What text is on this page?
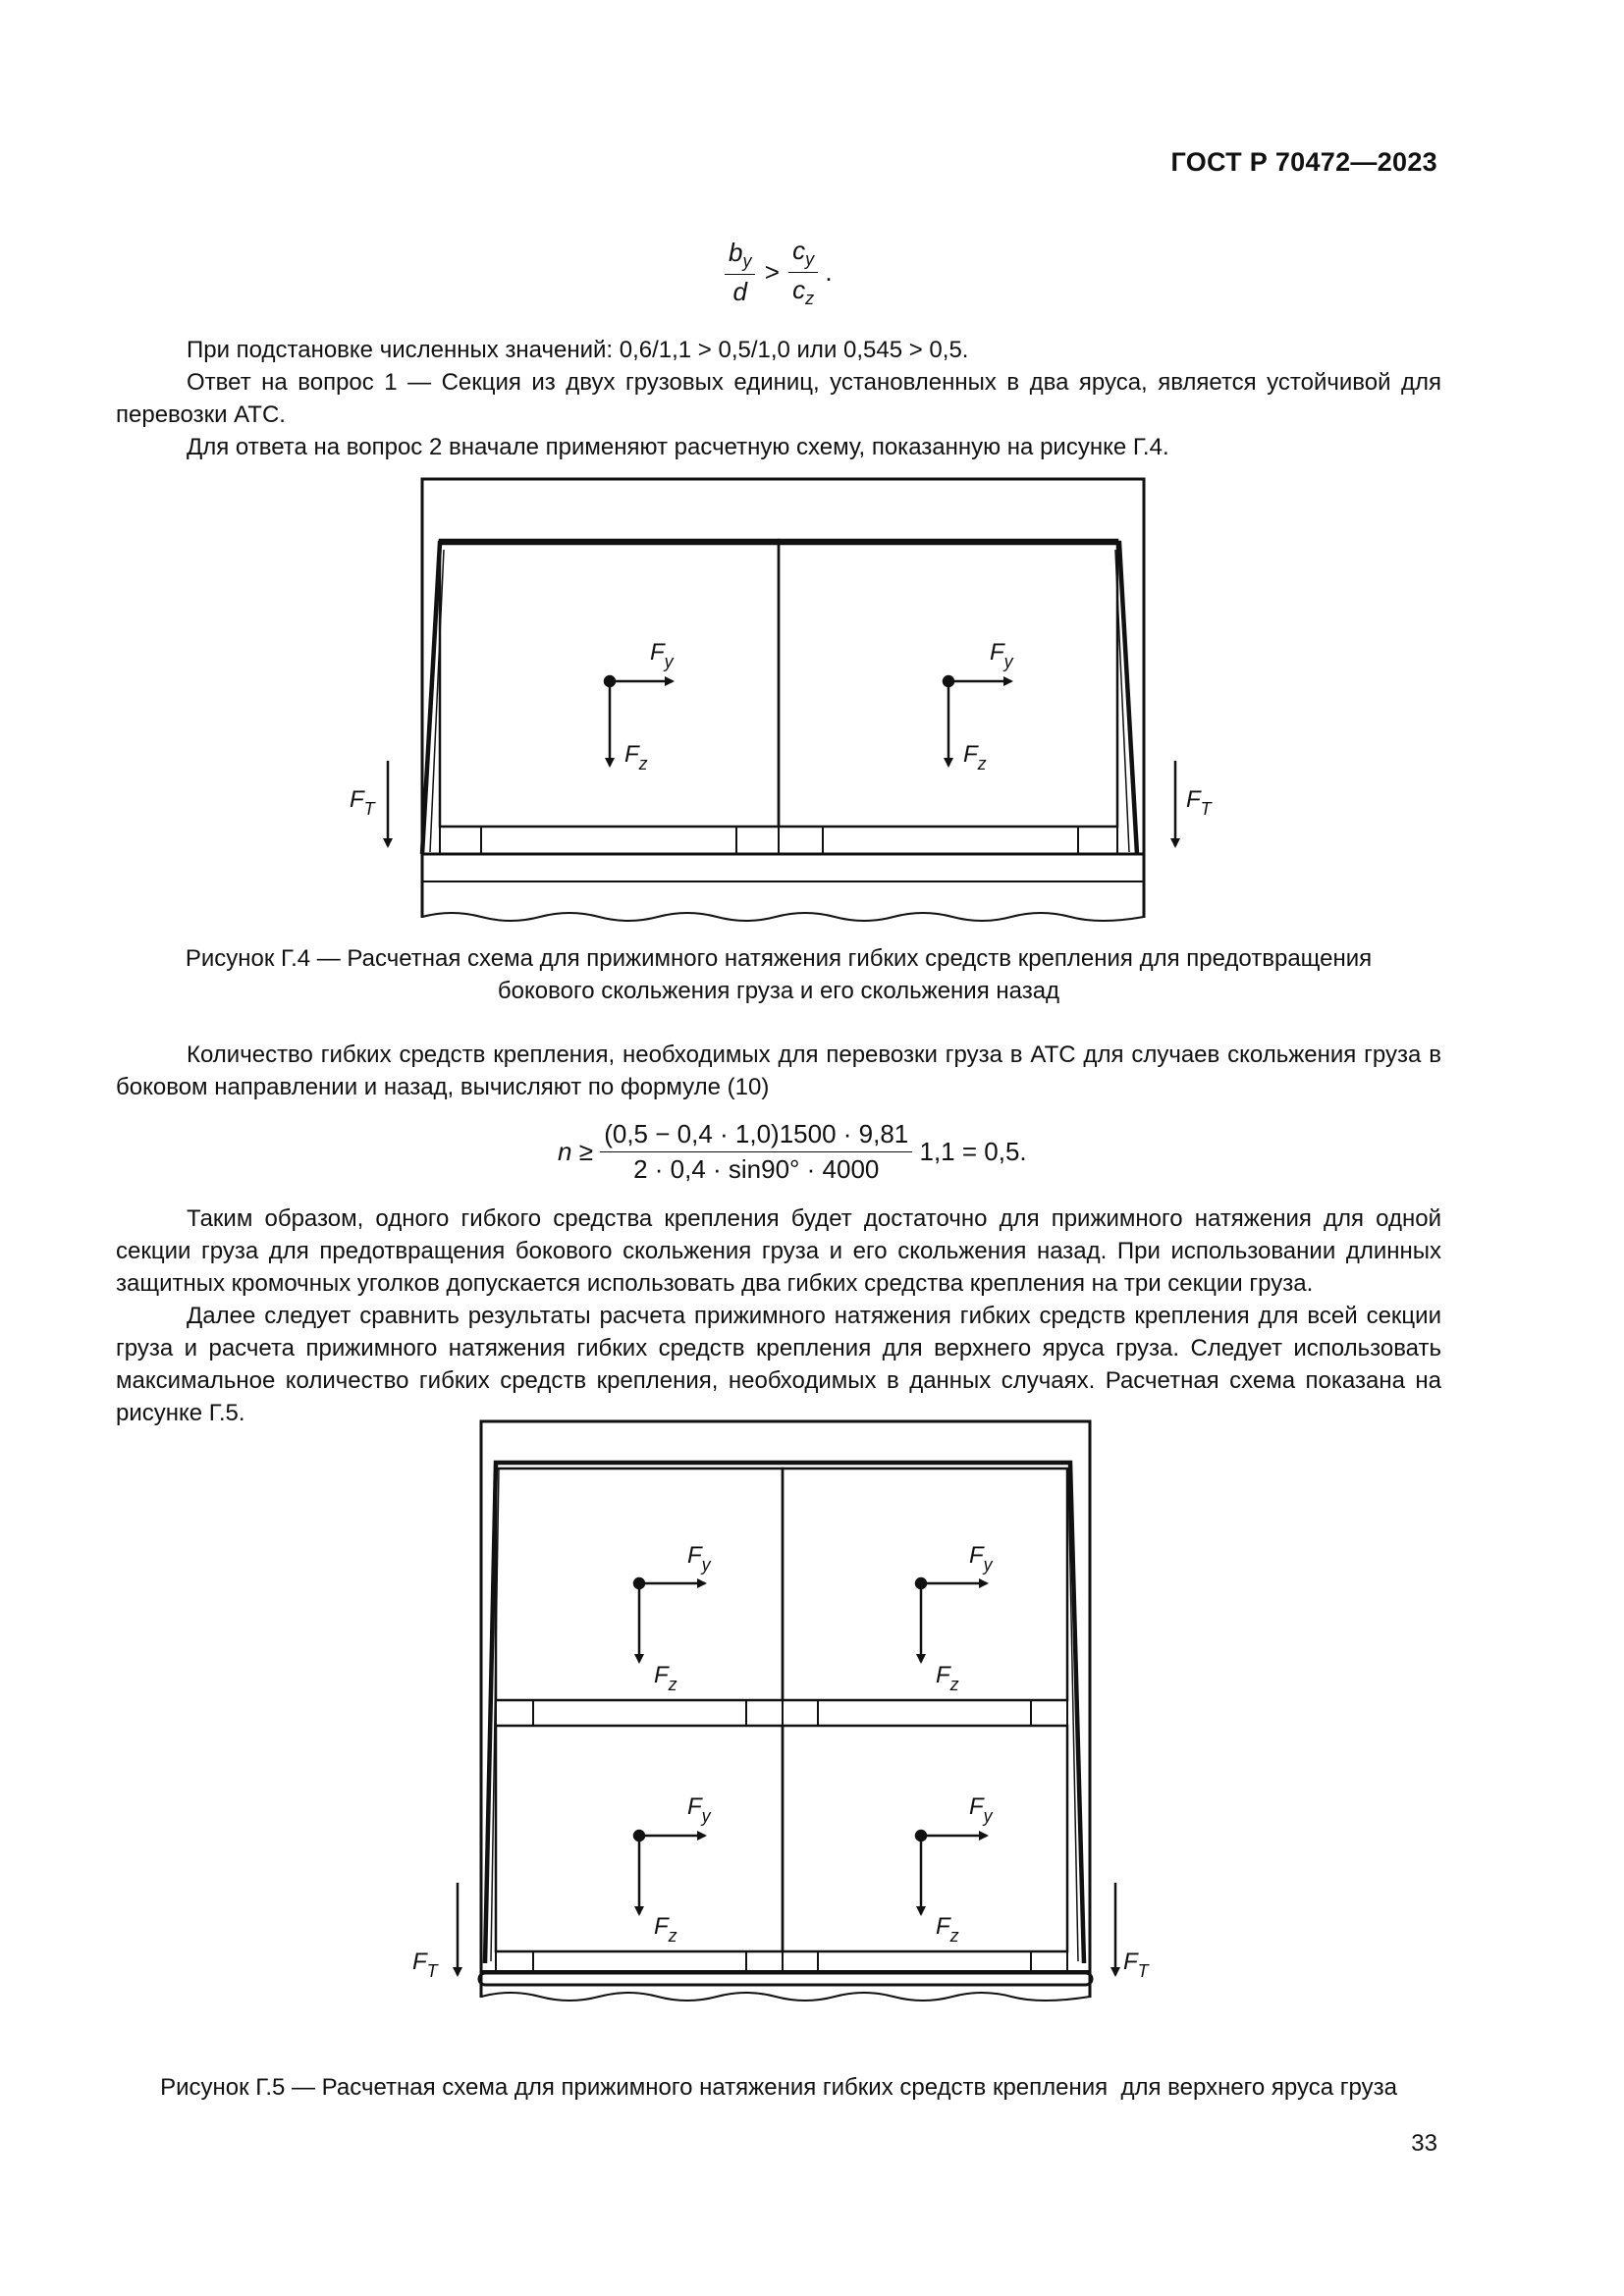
ГОСТ Р 70472—2023
$\frac{b_y}{d} > \frac{c_y}{c_z}$ .

При подстановке численных значений: 0,6/1,1 > 0,5/1,0 или 0,545 > 0,5.

Ответ на вопрос 1 — Секция из двух грузовых единиц, установленных в два яруса, является устойчивой для перевозки АТС.

Для ответа на вопрос 2 вначале применяют расчетную схему, показанную на рисунке Г.4.

$F_y$
$F_z$
$F_y$
$F_z$
$F_T$	$F_T$
Рисунок Г.4 — Расчетная схема для прижимного натяжения гибких средств крепления для предотвращения
бокового скольжения груза и его скольжения назад

Количество гибких средств крепления, необходимых для перевозки груза в АТС для случаев скольжения груза в боковом направлении и назад, вычисляют по формуле (10)

$n \ge \frac{(0,5 - 0,4 \cdot 1,0)1500 \cdot 9,81}{2 \cdot 0,4 \cdot \sin 90^\circ \cdot 4000} 1,1 = 0,5$.

Таким образом, одного гибкого средства крепления будет достаточно для прижимного натяжения для одной секции груза для предотвращения бокового скольжения груза и его скольжения назад. При использовании длинных защитных кромочных уголков допускается использовать два гибких средства крепления на три секции груза.

Далее следует сравнить результаты расчета прижимного натяжения гибких средств крепления для всей секции груза и расчета прижимного натяжения гибких средств крепления для верхнего яруса груза. Следует использовать максимальное количество гибких средств крепления, необходимых в данных случаях. Расчетная схема показана на рисунке Г.5.

$F_y$
$F_z$
$F_y$
$F_z$
$F_y$
$F_z$
$F_y$
$F_z$
$F_T$	$F_T$
Рисунок Г.5 — Расчетная схема для прижимного натяжения гибких средств крепления  для верхнего яруса груза
33
